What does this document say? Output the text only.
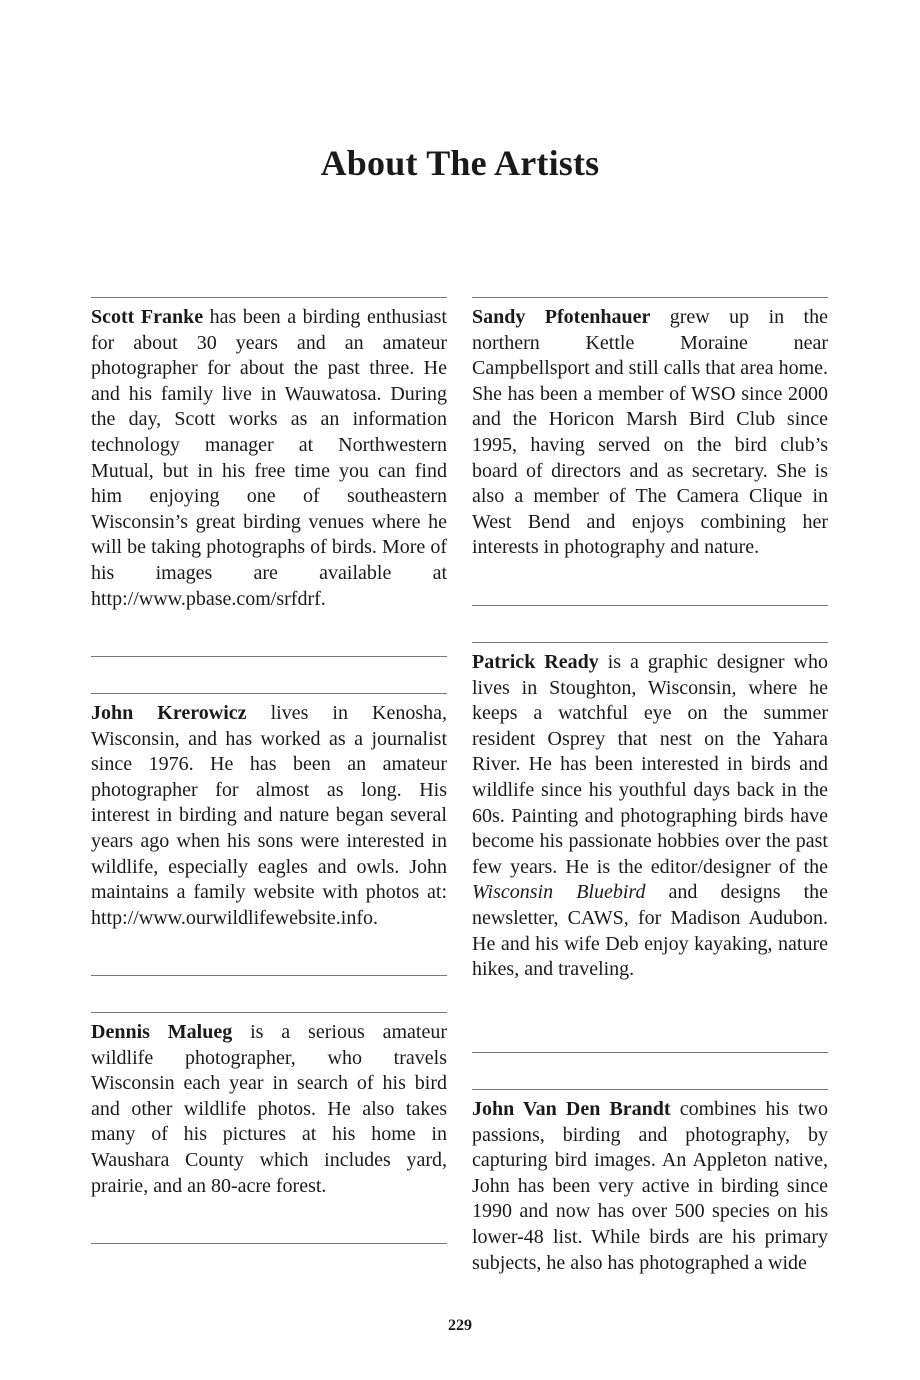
About The Artists

Scott Franke has been a birding enthusiast for about 30 years and an amateur photographer for about the past three. He and his family live in Wauwatosa. During the day, Scott works as an information technology manager at Northwestern Mutual, but in his free time you can find him enjoying one of southeastern Wisconsin’s great birding venues where he will be taking photographs of birds. More of his images are available at http://www.pbase.com/srfdrf.

John Krerowicz lives in Kenosha, Wisconsin, and has worked as a journalist since 1976. He has been an amateur photographer for almost as long. His interest in birding and nature began several years ago when his sons were interested in wildlife, especially eagles and owls. John maintains a family website with photos at: http://www.ourwildlifewebsite.info.

Dennis Malueg is a serious amateur wildlife photographer, who travels Wisconsin each year in search of his bird and other wildlife photos. He also takes many of his pictures at his home in Waushara County which includes yard, prairie, and an 80-acre forest.

Sandy Pfotenhauer grew up in the northern Kettle Moraine near Campbellsport and still calls that area home. She has been a member of WSO since 2000 and the Horicon Marsh Bird Club since 1995, having served on the bird club’s board of directors and as secretary. She is also a member of The Camera Clique in West Bend and enjoys combining her interests in photography and nature.

Patrick Ready is a graphic designer who lives in Stoughton, Wisconsin, where he keeps a watchful eye on the summer resident Osprey that nest on the Yahara River. He has been interested in birds and wildlife since his youthful days back in the 60s. Painting and photographing birds have become his passionate hobbies over the past few years. He is the editor/designer of the Wisconsin Bluebird and designs the newsletter, CAWS, for Madison Audubon. He and his wife Deb enjoy kayaking, nature hikes, and traveling.

John Van Den Brandt combines his two passions, birding and photography, by capturing bird images. An Appleton native, John has been very active in birding since 1990 and now has over 500 species on his lower-48 list. While birds are his primary subjects, he also has photographed a wide

229
